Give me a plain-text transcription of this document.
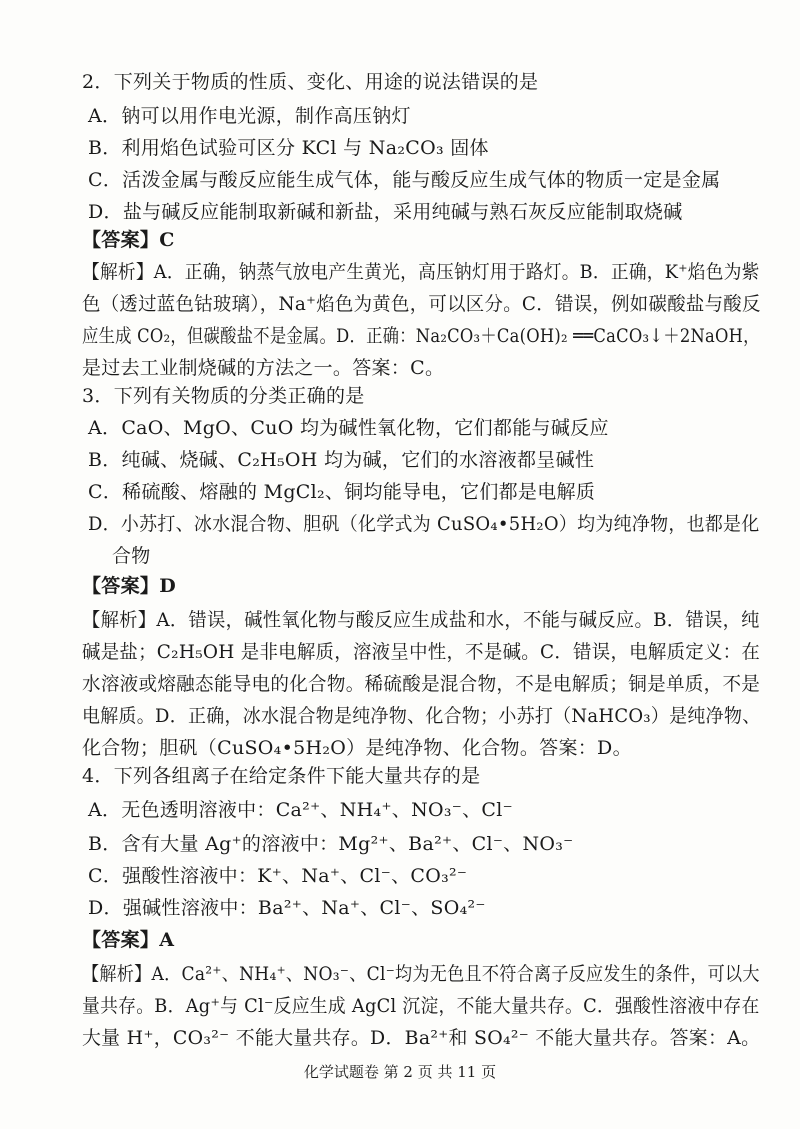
2．下列关于物质的性质、变化、用途的说法错误的是
A．钠可以用作电光源，制作高压钠灯
B．利用焰色试验可区分 KCl 与 Na₂CO₃ 固体
C．活泼金属与酸反应能生成气体，能与酸反应生成气体的物质一定是金属
D．盐与碱反应能制取新碱和新盐，采用纯碱与熟石灰反应能制取烧碱
【答案】C
【解析】A．正确，钠蒸气放电产生黄光，高压钠灯用于路灯。B．正确，K⁺焰色为紫
色（透过蓝色钴玻璃），Na⁺焰色为黄色，可以区分。C．错误，例如碳酸盐与酸反
应生成 CO₂，但碳酸盐不是金属。D．正确：Na₂CO₃＋Ca(OH)₂ ══CaCO₃↓＋2NaOH，
是过去工业制烧碱的方法之一。答案：C。
3．下列有关物质的分类正确的是
A．CaO、MgO、CuO 均为碱性氧化物，它们都能与碱反应
B．纯碱、烧碱、C₂H₅OH 均为碱，它们的水溶液都呈碱性
C．稀硫酸、熔融的 MgCl₂、铜均能导电，它们都是电解质
D．小苏打、冰水混合物、胆矾（化学式为 CuSO₄•5H₂O）均为纯净物，也都是化
合物
【答案】D
【解析】A．错误，碱性氧化物与酸反应生成盐和水，不能与碱反应。B．错误，纯
碱是盐；C₂H₅OH 是非电解质，溶液呈中性，不是碱。C．错误，电解质定义：在
水溶液或熔融态能导电的化合物。稀硫酸是混合物，不是电解质；铜是单质，不是
电解质。D．正确，冰水混合物是纯净物、化合物；小苏打（NaHCO₃）是纯净物、
化合物；胆矾（CuSO₄•5H₂O）是纯净物、化合物。答案：D。
4．下列各组离子在给定条件下能大量共存的是
A．无色透明溶液中：Ca²⁺、NH₄⁺、NO₃⁻、Cl⁻
B．含有大量 Ag⁺的溶液中：Mg²⁺、Ba²⁺、Cl⁻、NO₃⁻
C．强酸性溶液中：K⁺、Na⁺、Cl⁻、CO₃²⁻
D．强碱性溶液中：Ba²⁺、Na⁺、Cl⁻、SO₄²⁻
【答案】A
【解析】A．Ca²⁺、NH₄⁺、NO₃⁻、Cl⁻均为无色且不符合离子反应发生的条件，可以大
量共存。B．Ag⁺与 Cl⁻反应生成 AgCl 沉淀，不能大量共存。C．强酸性溶液中存在
大量 H⁺，CO₃²⁻ 不能大量共存。D．Ba²⁺和 SO₄²⁻ 不能大量共存。答案：A。
化学试题卷 第 2 页 共 11 页
